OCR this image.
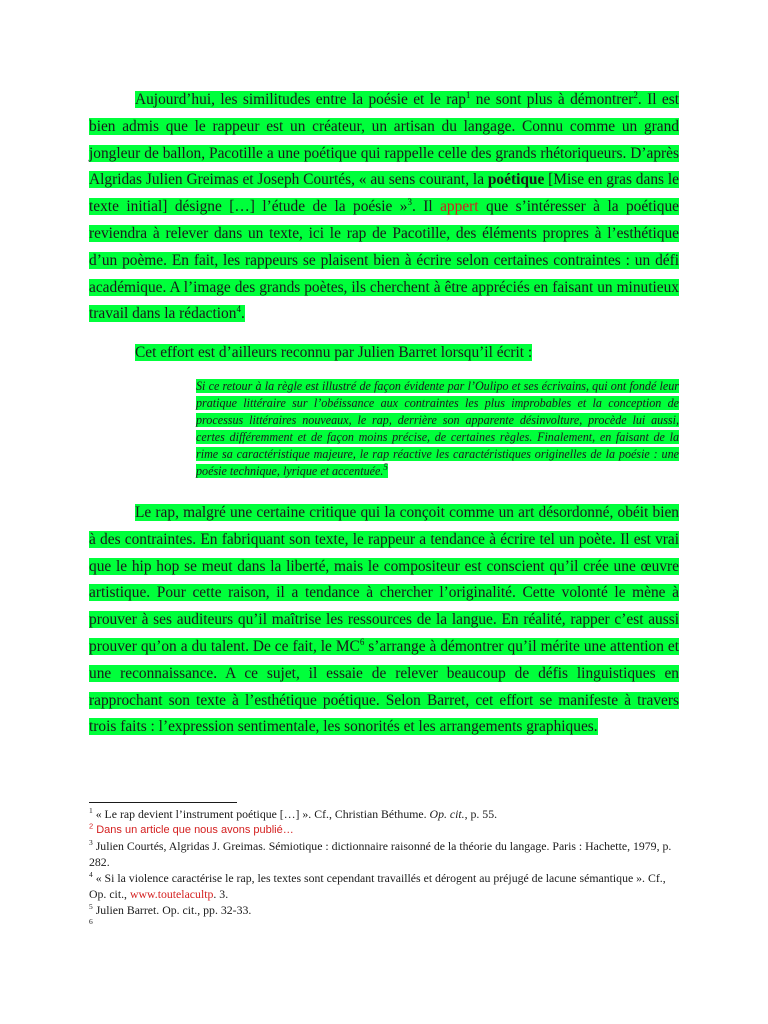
Aujourd’hui, les similitudes entre la poésie et le rap$^1$ ne sont plus à démontrer$^2$. Il est bien admis que le rappeur est un créateur, un artisan du langage. Connu comme un grand jongleur de ballon, Pacotille a une poétique qui rappelle celle des grands rhétoriqueurs. D’après Algridas Julien Greimas et Joseph Courtés, « au sens courant, la poétique [Mise en gras dans le texte initial] désigne […] l’étude de la poésie »$^3$. Il appert que s’intéresser à la poétique reviendra à relever dans un texte, ici le rap de Pacotille, des éléments propres à l’esthétique d’un poème. En fait, les rappeurs se plaisent bien à écrire selon certaines contraintes : un défi académique. A l’image des grands poètes, ils cherchent à être appréciés en faisant un minutieux travail dans la rédaction$^4$.

Cet effort est d’ailleurs reconnu par Julien Barret lorsqu’il écrit :

Si ce retour à la règle est illustré de façon évidente par l’Oulipo et ses écrivains, qui ont fondé leur pratique littéraire sur l’obéissance aux contraintes les plus improbables et la conception de processus littéraires nouveaux, le rap, derrière son apparente désinvolture, procède lui aussi, certes différemment et de façon moins précise, de certaines règles. Finalement, en faisant de la rime sa caractéristique majeure, le rap réactive les caractéristiques originelles de la poésie : une poésie technique, lyrique et accentuée.$^5$

Le rap, malgré une certaine critique qui la conçoit comme un art désordonné, obéit bien à des contraintes. En fabriquant son texte, le rappeur a tendance à écrire tel un poète. Il est vrai que le hip hop se meut dans la liberté, mais le compositeur est conscient qu’il crée une œuvre artistique. Pour cette raison, il a tendance à chercher l’originalité. Cette volonté le mène à prouver à ses auditeurs qu’il maîtrise les ressources de la langue. En réalité, rapper c’est aussi prouver qu’on a du talent. De ce fait, le $MC^6$ s’arrange à démontrer qu’il mérite une attention et une reconnaissance. A ce sujet, il essaie de relever beaucoup de défis linguistiques en rapprochant son texte à l’esthétique poétique. Selon Barret, cet effort se manifeste à travers trois faits : l’expression sentimentale, les sonorités et les arrangements graphiques.

$^1$ « Le rap devient l’instrument poétique […] ». Cf., Christian Béthume. Op. cit., p. 55.

$^2$ Dans un article que nous avons publié…

$^3$ Julien Courtés, Algridas J. Greimas. Sémiotique : dictionnaire raisonné de la théorie du langage. Paris : Hachette, 1979, p. 282.

$^4$ « Si la violence caractérise le rap, les textes sont cependant travaillés et dérogent au préjugé de lacune sémantique ». Cf., Op. cit., www.toutelacultp. 3.

$^5$ Julien Barret. Op. cit., pp. 32-33.

$^6$
